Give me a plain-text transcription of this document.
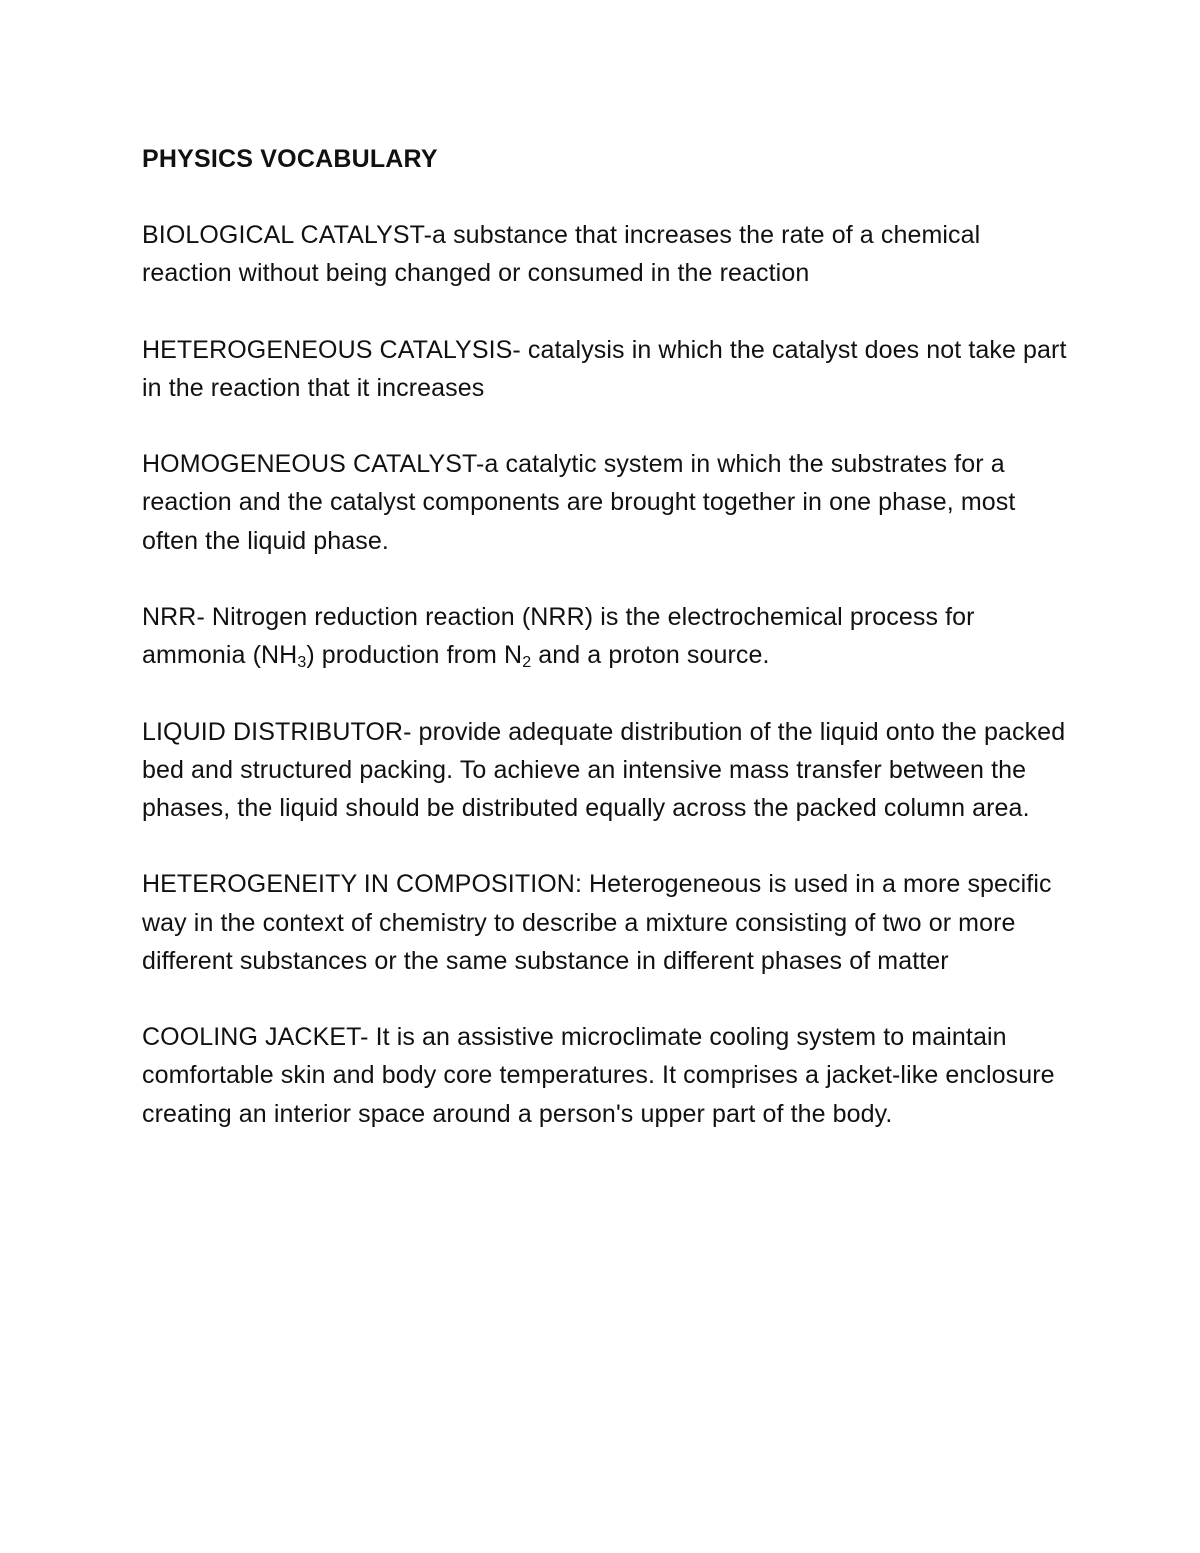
PHYSICS VOCABULARY

BIOLOGICAL CATALYST-a substance that increases the rate of a chemical reaction without being changed or consumed in the reaction

HETEROGENEOUS CATALYSIS- catalysis in which the catalyst does not take part in the reaction that it increases

HOMOGENEOUS CATALYST-a catalytic system in which the substrates for a reaction and the catalyst components are brought together in one phase, most often the liquid phase.

NRR- Nitrogen reduction reaction (NRR) is the electrochemical process for ammonia $(NH_3)$ production from $N_2$ and a proton source.

LIQUID DISTRIBUTOR- provide adequate distribution of the liquid onto the packed bed and structured packing. To achieve an intensive mass transfer between the phases, the liquid should be distributed equally across the packed column area.

HETEROGENEITY IN COMPOSITION: Heterogeneous is used in a more specific way in the context of chemistry to describe a mixture consisting of two or more different substances or the same substance in different phases of matter

COOLING JACKET- It is an assistive microclimate cooling system to maintain comfortable skin and body core temperatures. It comprises a jacket-like enclosure creating an interior space around a person's upper part of the body.
